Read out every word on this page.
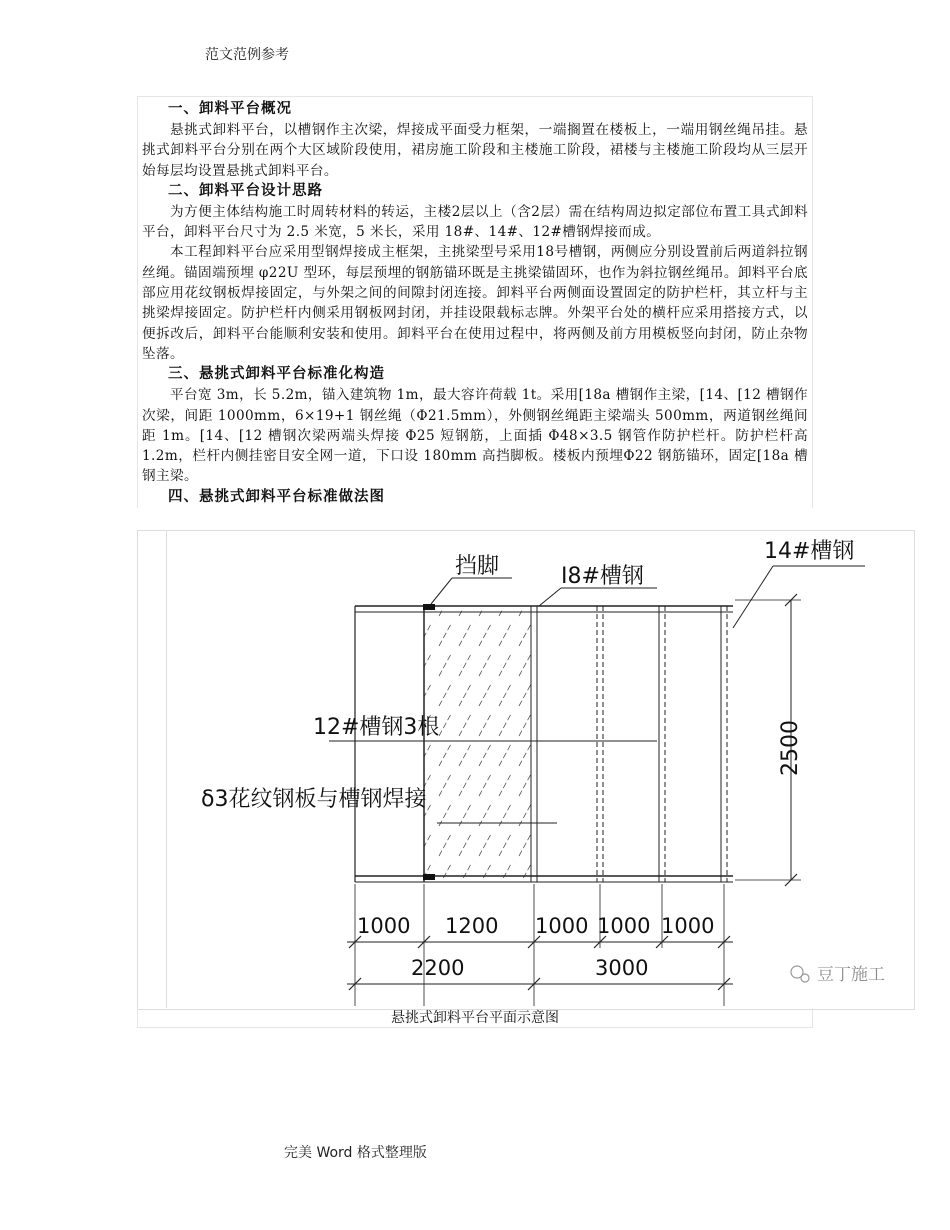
范文范例参考
一、卸料平台概况

悬挑式卸料平台，以槽钢作主次梁，焊接成平面受力框架，一端搁置在楼板上，一端用钢丝绳吊挂。悬挑式卸料平台分别在两个大区域阶段使用，裙房施工阶段和主楼施工阶段，裙楼与主楼施工阶段均从三层开始每层均设置悬挑式卸料平台。

二、卸料平台设计思路

为方便主体结构施工时周转材料的转运，主楼2层以上（含2层）需在结构周边拟定部位布置工具式卸料平台，卸料平台尺寸为 2.5 米宽，5 米长，采用 18#、14#、12#槽钢焊接而成。

本工程卸料平台应采用型钢焊接成主框架，主挑梁型号采用18号槽钢，两侧应分别设置前后两道斜拉钢丝绳。锚固端预埋 φ22U 型环，每层预埋的钢筋锚环既是主挑梁锚固环，也作为斜拉钢丝绳吊。卸料平台底部应用花纹钢板焊接固定，与外架之间的间隙封闭连接。卸料平台两侧面设置固定的防护栏杆，其立杆与主挑梁焊接固定。防护栏杆内侧采用钢板网封闭，并挂设限载标志牌。外架平台处的横杆应采用搭接方式，以便拆改后，卸料平台能顺利安装和使用。卸料平台在使用过程中，将两侧及前方用模板竖向封闭，防止杂物坠落。

三、悬挑式卸料平台标准化构造

平台宽 3m，长 5.2m，锚入建筑物 1m，最大容许荷载 1t。采用[18a 槽钢作主梁，[14、[12 槽钢作次梁，间距 1000mm，6×19+1 钢丝绳（Φ21.5mm），外侧钢丝绳距主梁端头 500mm，两道钢丝绳间距 1m。[14、[12 槽钢次梁两端头焊接 Φ25 短钢筋，上面插 Φ48×3.5 钢管作防护栏杆。防护栏杆高 1.2m，栏杆内侧挂密目安全网一道，下口设 180mm 高挡脚板。楼板内预埋Φ22 钢筋锚环，固定[18a 槽钢主梁。

四、悬挑式卸料平台标准做法图
挡脚	I8#槽钢
14#槽钢
12#槽钢3根
δ3花纹钢板与槽钢焊接
2500
1000 1200 1000 1000 1000
2200	3000	豆丁施工
悬挑式卸料平台平面示意图
完美 Word 格式整理版
